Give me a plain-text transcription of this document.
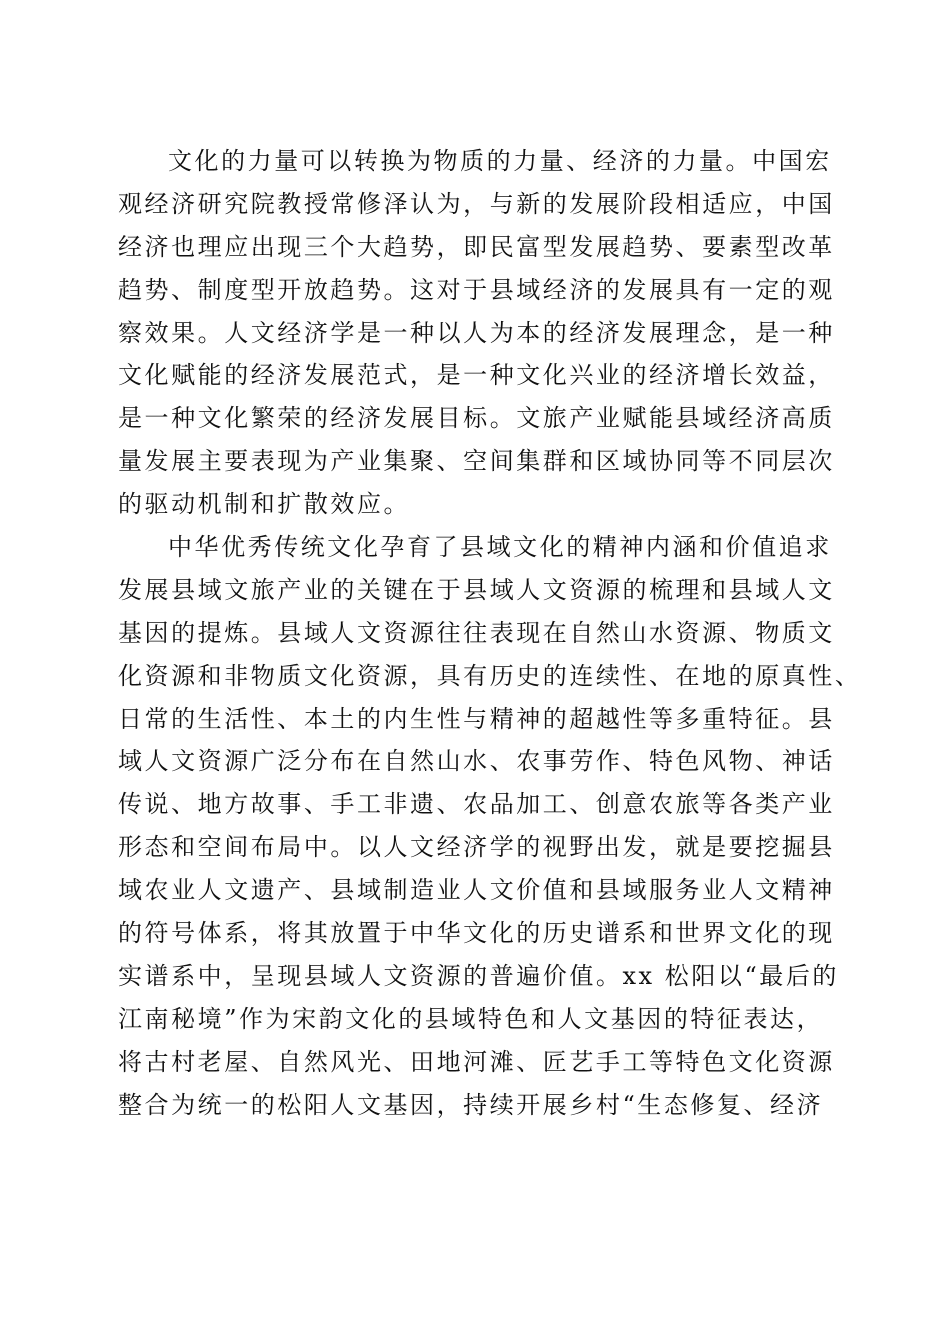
文化的力量可以转换为物质的力量、经济的力量。中国宏
观经济研究院教授常修泽认为，与新的发展阶段相适应，中国
经济也理应出现三个大趋势，即民富型发展趋势、要素型改革
趋势、制度型开放趋势。这对于县域经济的发展具有一定的观
察效果。人文经济学是一种以人为本的经济发展理念，是一种
文化赋能的经济发展范式，是一种文化兴业的经济增长效益，
是一种文化繁荣的经济发展目标。文旅产业赋能县域经济高质
量发展主要表现为产业集聚、空间集群和区域协同等不同层次
的驱动机制和扩散效应。
中华优秀传统文化孕育了县域文化的精神内涵和价值追求
发展县域文旅产业的关键在于县域人文资源的梳理和县域人文
基因的提炼。县域人文资源往往表现在自然山水资源、物质文
化资源和非物质文化资源，具有历史的连续性、在地的原真性、
日常的生活性、本土的内生性与精神的超越性等多重特征。县
域人文资源广泛分布在自然山水、农事劳作、特色风物、神话
传说、地方故事、手工非遗、农品加工、创意农旅等各类产业
形态和空间布局中。以人文经济学的视野出发，就是要挖掘县
域农业人文遗产、县域制造业人文价值和县域服务业人文精神
的符号体系，将其放置于中华文化的历史谱系和世界文化的现
实谱系中，呈现县域人文资源的普遍价值。xx 松阳以“最后的
江南秘境”作为宋韵文化的县域特色和人文基因的特征表达，
将古村老屋、自然风光、田地河滩、匠艺手工等特色文化资源
整合为统一的松阳人文基因，持续开展乡村“生态修复、经济
